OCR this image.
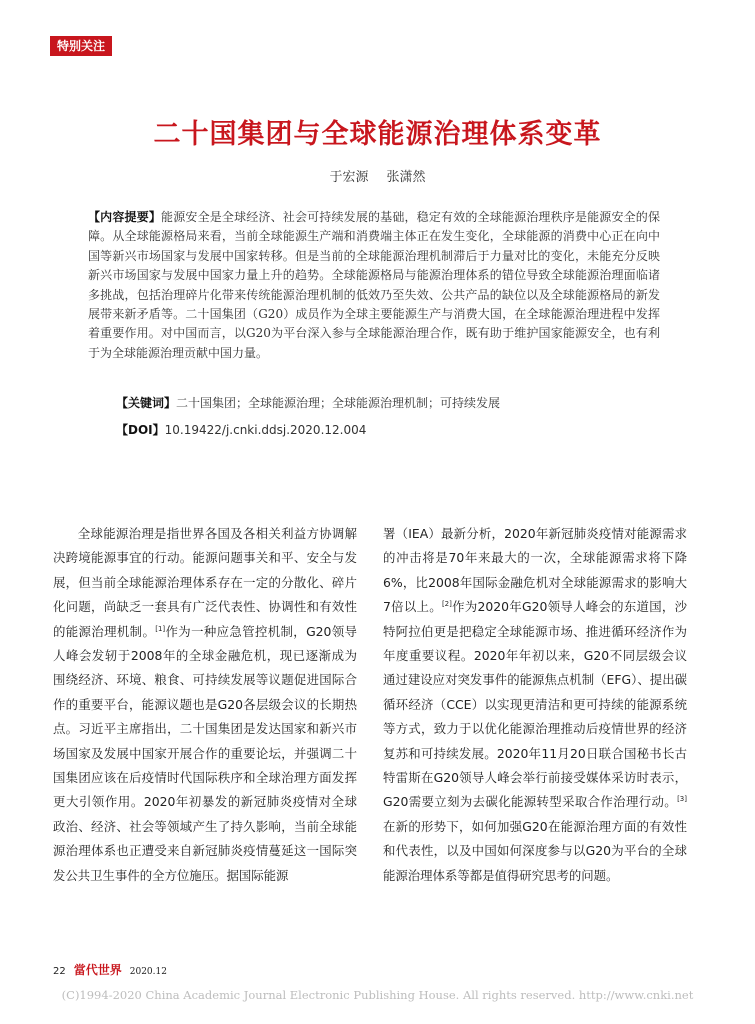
特别关注
二十国集团与全球能源治理体系变革
于宏源 张潇然
【内容提要】能源安全是全球经济、社会可持续发展的基础，稳定有效的全球能源治理秩序是能源安全的保障。从全球能源格局来看，当前全球能源生产端和消费端主体正在发生变化，全球能源的消费中心正在向中国等新兴市场国家与发展中国家转移。但是当前的全球能源治理机制滞后于力量对比的变化，未能充分反映新兴市场国家与发展中国家力量上升的趋势。全球能源格局与能源治理体系的错位导致全球能源治理面临诸多挑战，包括治理碎片化带来传统能源治理机制的低效乃至失效、公共产品的缺位以及全球能源格局的新发展带来新矛盾等。二十国集团（G20）成员作为全球主要能源生产与消费大国，在全球能源治理进程中发挥着重要作用。对中国而言，以G20为平台深入参与全球能源治理合作，既有助于维护国家能源安全，也有利于为全球能源治理贡献中国力量。
【关键词】二十国集团；全球能源治理；全球能源治理机制；可持续发展
【DOI】10.19422/j.cnki.ddsj.2020.12.004

全球能源治理是指世界各国及各相关利益方协调解决跨境能源事宜的行动。能源问题事关和平、安全与发展，但当前全球能源治理体系存在一定的分散化、碎片化问题，尚缺乏一套具有广泛代表性、协调性和有效性的能源治理机制。[1]作为一种应急管控机制，G20领导人峰会发轫于2008年的全球金融危机，现已逐渐成为围绕经济、环境、粮食、可持续发展等议题促进国际合作的重要平台，能源议题也是G20各层级会议的长期热点。习近平主席指出，二十国集团是发达国家和新兴市场国家及发展中国家开展合作的重要论坛，并强调二十国集团应该在后疫情时代国际秩序和全球治理方面发挥更大引领作用。2020年初暴发的新冠肺炎疫情对全球政治、经济、社会等领域产生了持久影响，当前全球能源治理体系也正遭受来自新冠肺炎疫情蔓延这一国际突发公共卫生事件的全方位施压。据国际能源

署（IEA）最新分析，2020年新冠肺炎疫情对能源需求的冲击将是70年来最大的一次，全球能源需求将下降6%，比2008年国际金融危机对全球能源需求的影响大7倍以上。[2]作为2020年G20领导人峰会的东道国，沙特阿拉伯更是把稳定全球能源市场、推进循环经济作为年度重要议程。2020年年初以来，G20不同层级会议通过建设应对突发事件的能源焦点机制（EFG）、提出碳循环经济（CCE）以实现更清洁和更可持续的能源系统等方式，致力于以优化能源治理推动后疫情世界的经济复苏和可持续发展。2020年11月20日联合国秘书长古特雷斯在G20领导人峰会举行前接受媒体采访时表示，G20需要立刻为去碳化能源转型采取合作治理行动。[3]在新的形势下，如何加强G20在能源治理方面的有效性和代表性，以及中国如何深度参与以G20为平台的全球能源治理体系等都是值得研究思考的问题。

22 當代世界 2020.12
(C)1994-2020 China Academic Journal Electronic Publishing House. All rights reserved. http://www.cnki.net
